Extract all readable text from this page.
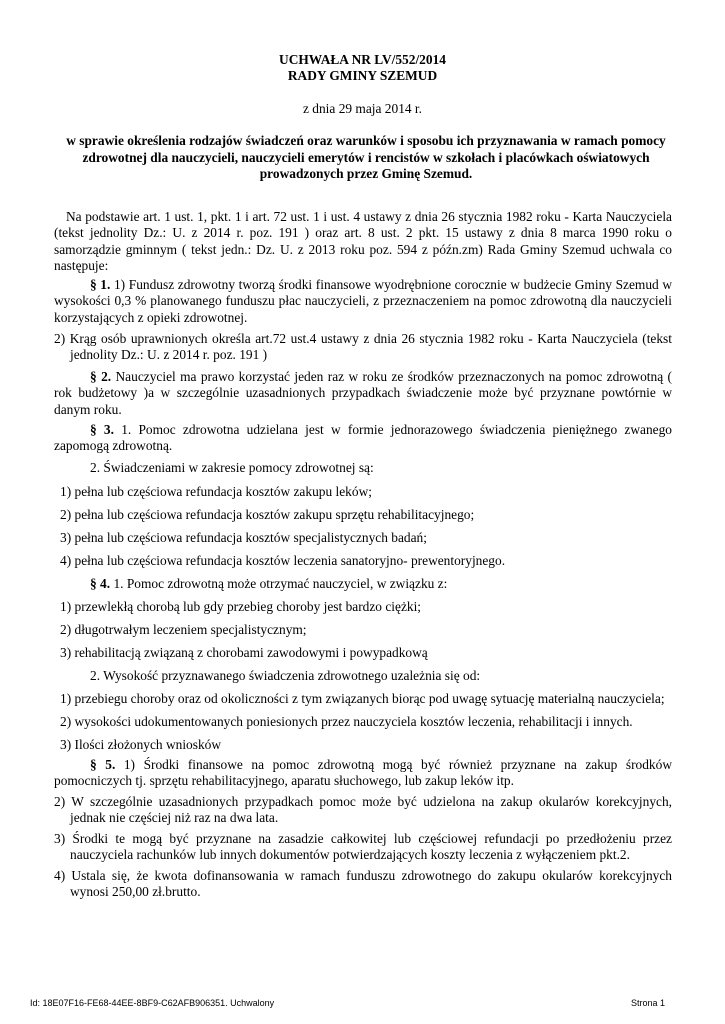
UCHWAŁA NR LV/552/2014
RADY GMINY SZEMUD
z dnia 29 maja 2014 r.
w sprawie określenia rodzajów świadczeń oraz warunków i sposobu ich przyznawania w ramach pomocy zdrowotnej dla nauczycieli, nauczycieli emerytów i rencistów w szkołach i placówkach oświatowych prowadzonych przez Gminę Szemud.
Na podstawie art. 1 ust. 1, pkt. 1 i art. 72 ust. 1 i ust. 4 ustawy z dnia 26 stycznia 1982 roku - Karta Nauczyciela (tekst jednolity Dz.: U. z 2014 r. poz. 191 ) oraz art. 8 ust. 2 pkt. 15 ustawy z dnia 8 marca 1990 roku o samorządzie gminnym ( tekst jedn.: Dz. U. z 2013 roku poz. 594 z późn.zm) Rada Gminy Szemud uchwala co następuje:
§ 1. 1) Fundusz zdrowotny tworzą środki finansowe wyodrębnione corocznie w budżecie Gminy Szemud w wysokości 0,3 % planowanego funduszu płac nauczycieli, z przeznaczeniem na pomoc zdrowotną dla nauczycieli korzystających z opieki zdrowotnej.
2) Krąg osób uprawnionych określa art.72 ust.4 ustawy z dnia 26 stycznia 1982 roku - Karta Nauczyciela (tekst jednolity Dz.: U. z 2014 r. poz. 191 )
§ 2. Nauczyciel ma prawo korzystać jeden raz w roku ze środków przeznaczonych na pomoc zdrowotną ( rok budżetowy )a w szczególnie uzasadnionych przypadkach świadczenie może być przyznane powtórnie w danym roku.
§ 3. 1. Pomoc zdrowotna udzielana jest w formie jednorazowego świadczenia pieniężnego zwanego zapomogą zdrowotną.
2. Świadczeniami w zakresie pomocy zdrowotnej są:
1) pełna lub częściowa refundacja kosztów zakupu leków;
2) pełna lub częściowa refundacja kosztów zakupu sprzętu rehabilitacyjnego;
3) pełna lub częściowa refundacja kosztów specjalistycznych badań;
4) pełna lub częściowa refundacja kosztów leczenia sanatoryjno- prewentoryjnego.
§ 4. 1. Pomoc zdrowotną może otrzymać nauczyciel, w związku z:
1) przewlekłą chorobą lub gdy przebieg choroby jest bardzo ciężki;
2) długotrwałym leczeniem specjalistycznym;
3) rehabilitacją związaną z chorobami zawodowymi i powypadkową
2. Wysokość przyznawanego świadczenia zdrowotnego uzależnia się od:
1) przebiegu choroby oraz od okoliczności z tym związanych biorąc pod uwagę sytuację materialną nauczyciela;
2) wysokości udokumentowanych poniesionych przez nauczyciela kosztów leczenia, rehabilitacji i innych.
3) Ilości złożonych wniosków
§ 5. 1) Środki finansowe na pomoc zdrowotną mogą być również przyznane na zakup środków pomocniczych tj. sprzętu rehabilitacyjnego, aparatu słuchowego, lub zakup leków itp.
2) W szczególnie uzasadnionych przypadkach pomoc może być udzielona na zakup okularów korekcyjnych, jednak nie częściej niż raz na dwa lata.
3) Środki te mogą być przyznane na zasadzie całkowitej lub częściowej refundacji po przedłożeniu przez nauczyciela rachunków lub innych dokumentów potwierdzających koszty leczenia z wyłączeniem pkt.2.
4) Ustala się, że kwota dofinansowania w ramach funduszu zdrowotnego do zakupu okularów korekcyjnych wynosi 250,00 zł.brutto.
Id: 18E07F16-FE68-44EE-8BF9-C62AFB906351. Uchwalony	Strona 1
